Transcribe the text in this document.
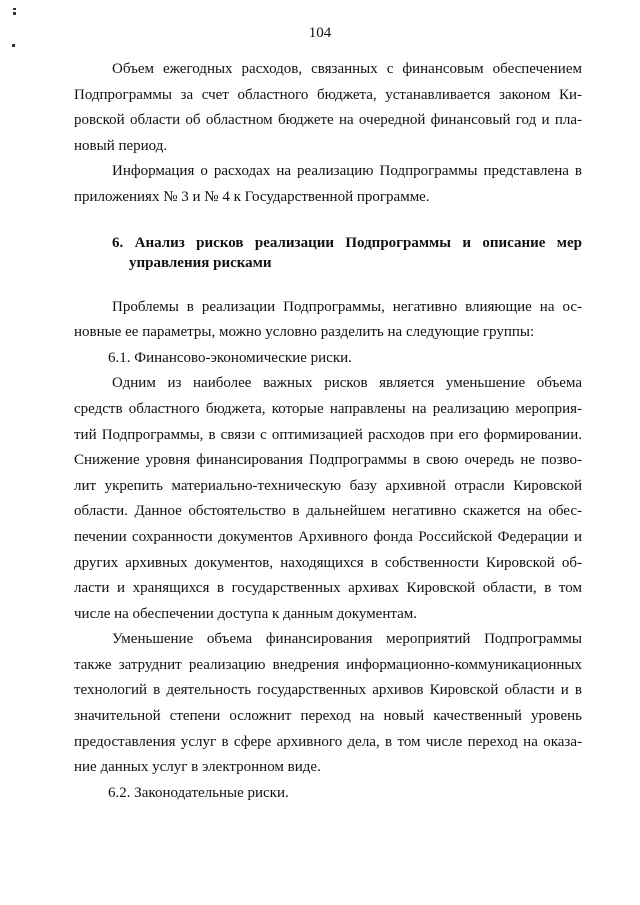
104
Объем ежегодных расходов, связанных с финансовым обеспечением
Подпрограммы за счет областного бюджета, устанавливается законом Ки-
ровской области об областном бюджете на очередной финансовый год и пла-
новый период.
Информация о расходах на реализацию Подпрограммы представлена в
приложениях № 3 и № 4 к Государственной программе.
6. Анализ рисков реализации Подпрограммы и описание мер
управления рисками
Проблемы в реализации Подпрограммы, негативно влияющие на ос-
новные ее параметры, можно условно разделить на следующие группы:
6.1. Финансово-экономические риски.
Одним из наиболее важных рисков является уменьшение объема
средств областного бюджета, которые направлены на реализацию мероприя-
тий Подпрограммы, в связи с оптимизацией расходов при его формировании.
Снижение уровня финансирования Подпрограммы в свою очередь не позво-
лит укрепить материально-техническую базу архивной отрасли Кировской
области. Данное обстоятельство в дальнейшем негативно скажется на обес-
печении сохранности документов Архивного фонда Российской Федерации и
других архивных документов, находящихся в собственности Кировской об-
ласти и хранящихся в государственных архивах Кировской области, в том
числе на обеспечении доступа к данным документам.
Уменьшение объема финансирования мероприятий Подпрограммы
также затруднит реализацию внедрения информационно-коммуникационных
технологий в деятельность государственных архивов Кировской области и в
значительной степени осложнит переход на новый качественный уровень
предоставления услуг в сфере архивного дела, в том числе переход на оказа-
ние данных услуг в электронном виде.
6.2. Законодательные риски.
